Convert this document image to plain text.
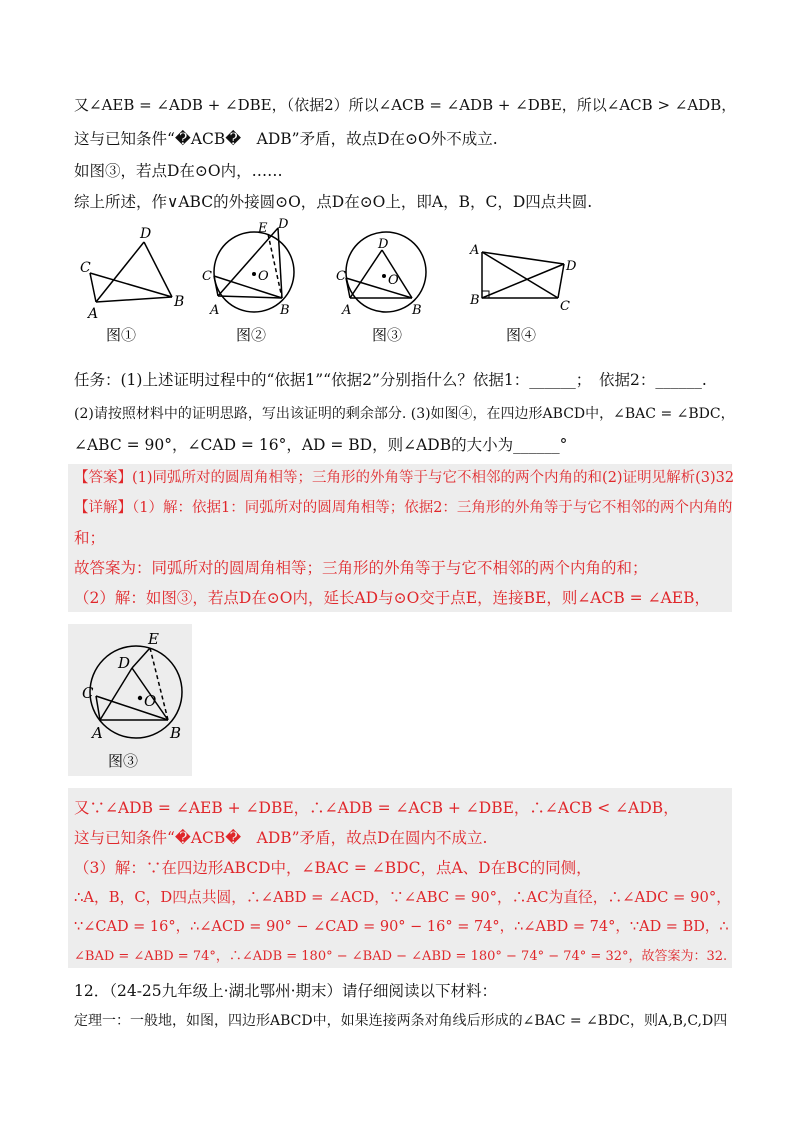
又∠AEB = ∠ADB + ∠DBE，（依据2）所以∠ACB = ∠ADB + ∠DBE，所以∠ACB > ∠ADB，
这与已知条件“�ACB�　ADB”矛盾，故点D在⊙O外不成立.
如图③，若点D在⊙O内，……
综上所述，作∨ABC的外接圆⊙O，点D在⊙O上，即A，B，C，D四点共圆.
C
D
A
B
图①
E D
C	O
A	B
图②
C
D
O
A	B
图③
A
D
B	C
图④
任务：(1)上述证明过程中的“依据1”“依据2”分别指什么？依据1：______；　依据2：______.
(2)请按照材料中的证明思路，写出该证明的剩余部分. (3)如图④，在四边形ABCD中，∠BAC = ∠BDC，
∠ABC = 90°，∠CAD = 16°，AD = BD，则∠ADB的大小为______°
【答案】(1)同弧所对的圆周角相等；三角形的外角等于与它不相邻的两个内角的和(2)证明见解析(3)32
【详解】（1）解：依据1：同弧所对的圆周角相等；依据2：三角形的外角等于与它不相邻的两个内角的
和；
故答案为：同弧所对的圆周角相等；三角形的外角等于与它不相邻的两个内角的和；
（2）解：如图③，若点D在⊙O内，延长AD与⊙O交于点E，连接BE，则∠ACB = ∠AEB，
E
D
C	O
A	B
图③
又∵∠ADB = ∠AEB + ∠DBE，∴∠ADB = ∠ACB + ∠DBE，∴∠ACB < ∠ADB，
这与已知条件“�ACB�　ADB”矛盾，故点D在圆内不成立.
（3）解：∵在四边形ABCD中，∠BAC = ∠BDC，点A、D在BC的同侧，
∴A，B，C，D四点共圆，∴∠ABD = ∠ACD，∵∠ABC = 90°，∴AC为直径，∴∠ADC = 90°，
∵∠CAD = 16°，∴∠ACD = 90° − ∠CAD = 90° − 16° = 74°，∴∠ABD = 74°，∵AD = BD，∴
∠BAD = ∠ABD = 74°，∴∠ADB = 180° − ∠BAD − ∠ABD = 180° − 74° − 74° = 32°，故答案为：32.
12．（24-25九年级上·湖北鄂州·期末）请仔细阅读以下材料：
定理一：一般地，如图，四边形ABCD中，如果连接两条对角线后形成的∠BAC = ∠BDC，则A,B,C,D四
